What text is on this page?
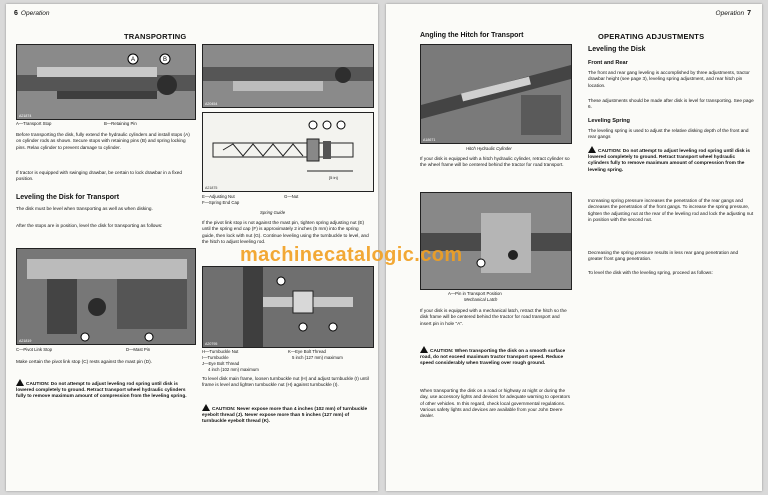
6 Operation
TRANSPORTING
A	B
A21874
A—Transport Stop	B—Retaining Pin

Before transporting the disk, fully extend the hydraulic cylinders and install stops (A) on cylinder rods as shown. Secure stops with retaining pins (B) and spring locking pins. Relax cylinder to prevent damage to cylinder.

If tractor is equipped with swinging drawbar, be certain to lock drawbar in a fixed position.

Leveling the Disk for Transport

The disk must be level when transporting as well as when disking.

After the stops are in position, level the disk for transporting as follows:

A21819
C—Pivot Link Stop	D—Mast Pin

Make certain the pivot link stop (C) rests against the mast pin (D).

CAUTION: Do not attempt to adjust leveling rod spring until disk is lowered completely to ground. Retract transport wheel hydraulic cylinders fully to remove maximum amount of compression from the leveling spring.

A20454
[5 in]
A21875
E—Adjusting Nut	G—Nut
F—Spring End Cap
Spring Guide

If the pivot link stop is not against the mast pin, tighten spring adjusting nut (E) until the spring end cap (F) is approximately 2 inches (5 mm) into the spring guide, then lock with nut (G). Continue leveling using the turnbuckle to level, and the hitch to adjust leveling rod.

A20795
H—Turnbuckle Nut
I—Turnbuckle
J—Eye Bolt Thread
4 inch (102 mm) maximum
K—Eye Bolt Thread
5 inch (127 mm) maximum

To level disk main frame, loosen turnbuckle nut (H) and adjust turnbuckle (I) until frame is level and lighten turnbuckle nut (H) against turnbuckle (I).

CAUTION: Never expose more than 4 inches (102 mm) of turnbuckle eyebolt thread (J). Never expose more than 5 inches (127 mm) of turnbuckle eyebolt thread (K).

Operation 7
Angling the Hitch for Transport
A18671
Hitch Hydraulic Cylinder

If your disk is equipped with a hitch hydraulic cylinder, retract cylinder so the wheel frame will be centered behind the tractor for road transport.

A—Pin in Transport Position
Mechanical Latch

If your disk is equipped with a mechanical latch, retract the hitch so the disk frame will be centered behind the tractor for road transport and insert pin in hole "A".

CAUTION: When transporting the disk on a smooth surface road, do not exceed maximum tractor transport speed. Reduce speed considerably when traveling over rough ground.

When transporting the disk on a road or highway at night or during the day, use accessory lights and devices for adequate warning to operators of other vehicles. In this regard, check local governmental regulations. Various safety lights and devices are available from your John Deere dealer.

OPERATING ADJUSTMENTS
Leveling the Disk
Front and Rear

The front and rear gang leveling is accomplished by three adjustments, tractor drawbar height (see page 3), leveling spring adjustment, and rear hitch pin location.

These adjustments should be made after disk is level for transporting. See page 6.

Leveling Spring

The leveling spring is used to adjust the relative disking depth of the front and rear gangs

CAUTION: Do not attempt to adjust leveling rod spring until disk is lowered completely to ground. Retract transport wheel hydraulic cylinders fully to remove maximum amount of compression from the leveling spring.

Increasing spring pressure increases the penetration of the rear gangs and decreases the penetration of the front gangs. To increase the spring pressure, tighten the adjusting nut at the rear of the leveling rod and lock the adjusting nut in position with the second nut.

Decreasing the spring pressure results in less rear gang penetration and greater front gang penetration.

To level the disk with the leveling spring, proceed as follows:

machinecatalogic.com
